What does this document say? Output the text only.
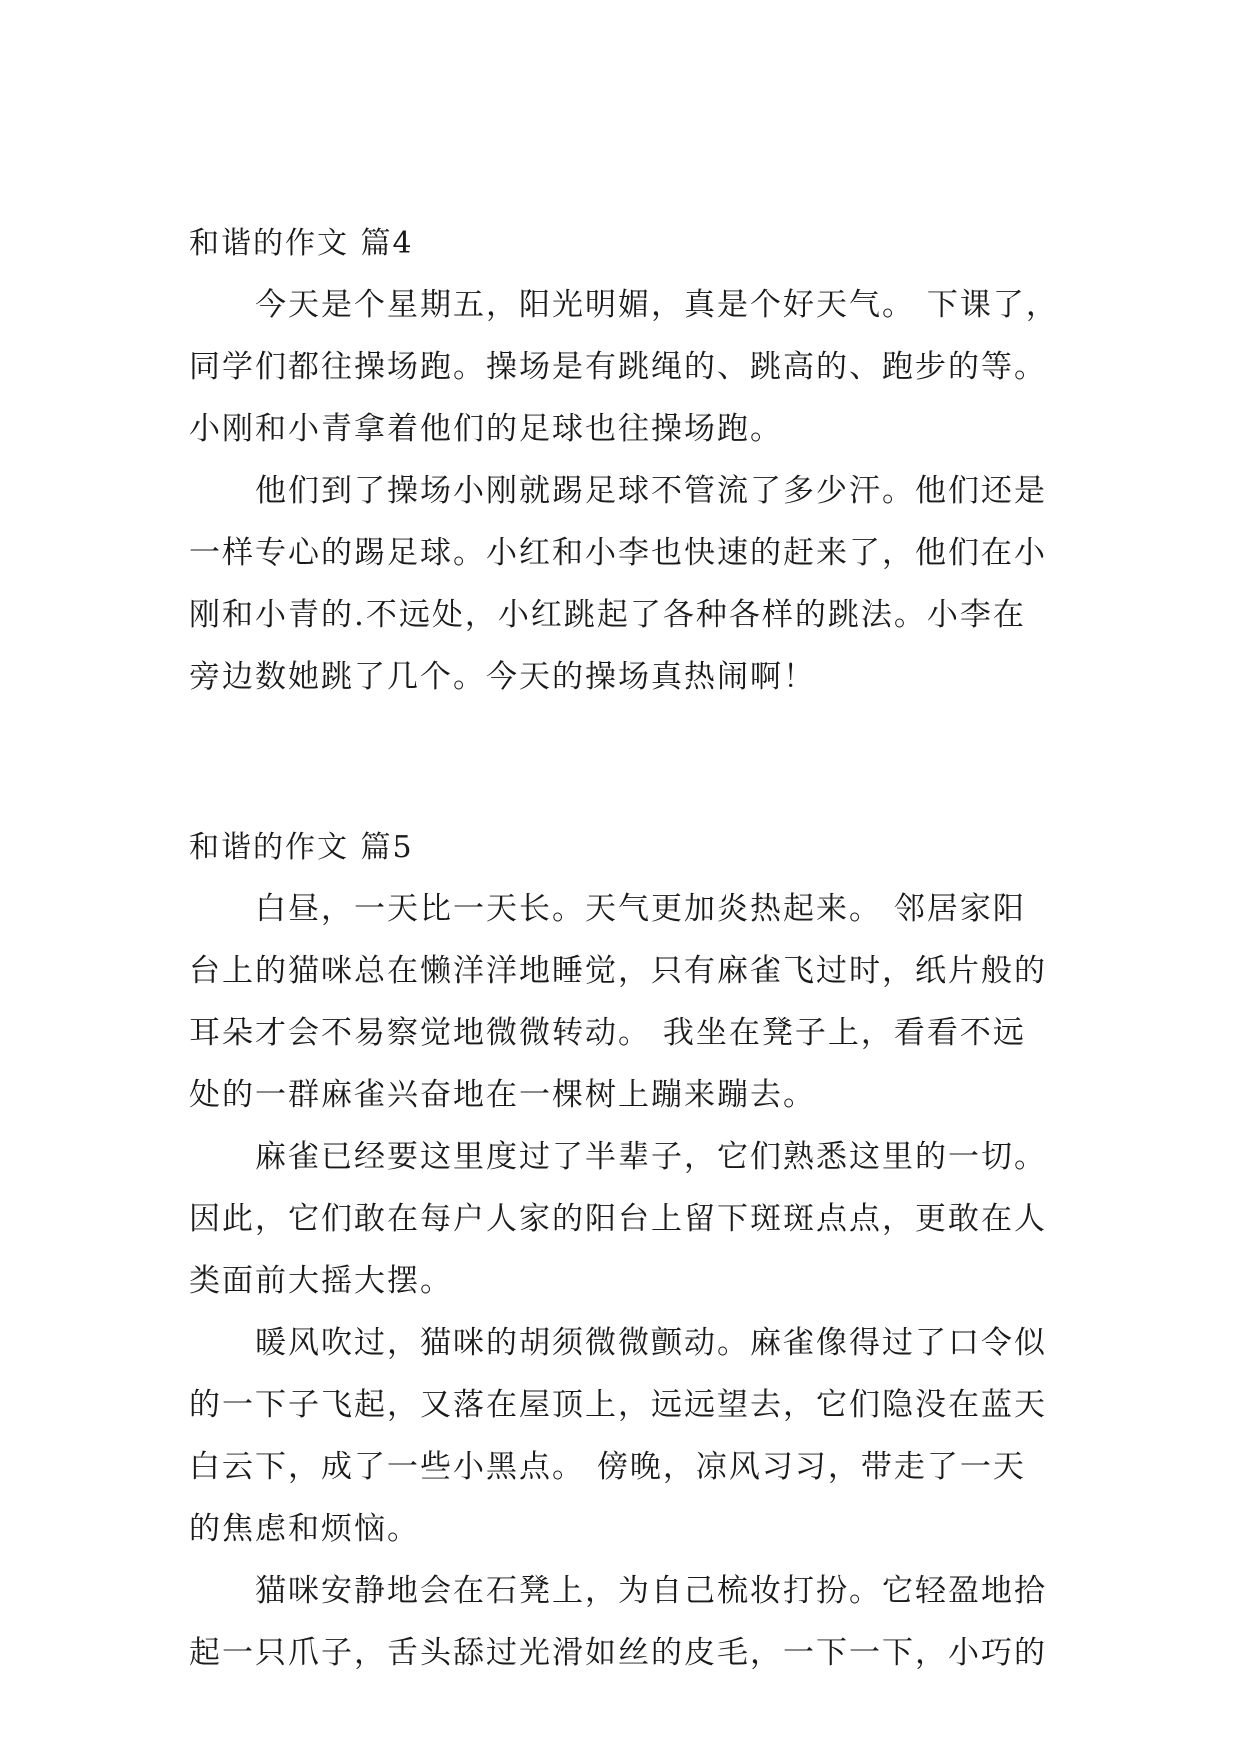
和谐的作文 篇4

今天是个星期五，阳光明媚，真是个好天气。 下课了，
同学们都往操场跑。操场是有跳绳的、跳高的、跑步的等。
小刚和小青拿着他们的足球也往操场跑。

他们到了操场小刚就踢足球不管流了多少汗。他们还是
一样专心的踢足球。小红和小李也快速的赶来了，他们在小
刚和小青的.不远处，小红跳起了各种各样的跳法。小李在
旁边数她跳了几个。今天的操场真热闹啊！

和谐的作文 篇5

白昼，一天比一天长。天气更加炎热起来。 邻居家阳
台上的猫咪总在懒洋洋地睡觉，只有麻雀飞过时，纸片般的
耳朵才会不易察觉地微微转动。 我坐在凳子上，看看不远
处的一群麻雀兴奋地在一棵树上蹦来蹦去。

麻雀已经要这里度过了半辈子，它们熟悉这里的一切。
因此，它们敢在每户人家的阳台上留下斑斑点点，更敢在人
类面前大摇大摆。

暖风吹过，猫咪的胡须微微颤动。麻雀像得过了口令似
的一下子飞起，又落在屋顶上，远远望去，它们隐没在蓝天
白云下，成了一些小黑点。 傍晚，凉风习习，带走了一天
的焦虑和烦恼。

猫咪安静地会在石凳上，为自己梳妆打扮。它轻盈地拾
起一只爪子，舌头舔过光滑如丝的皮毛，一下一下，小巧的
